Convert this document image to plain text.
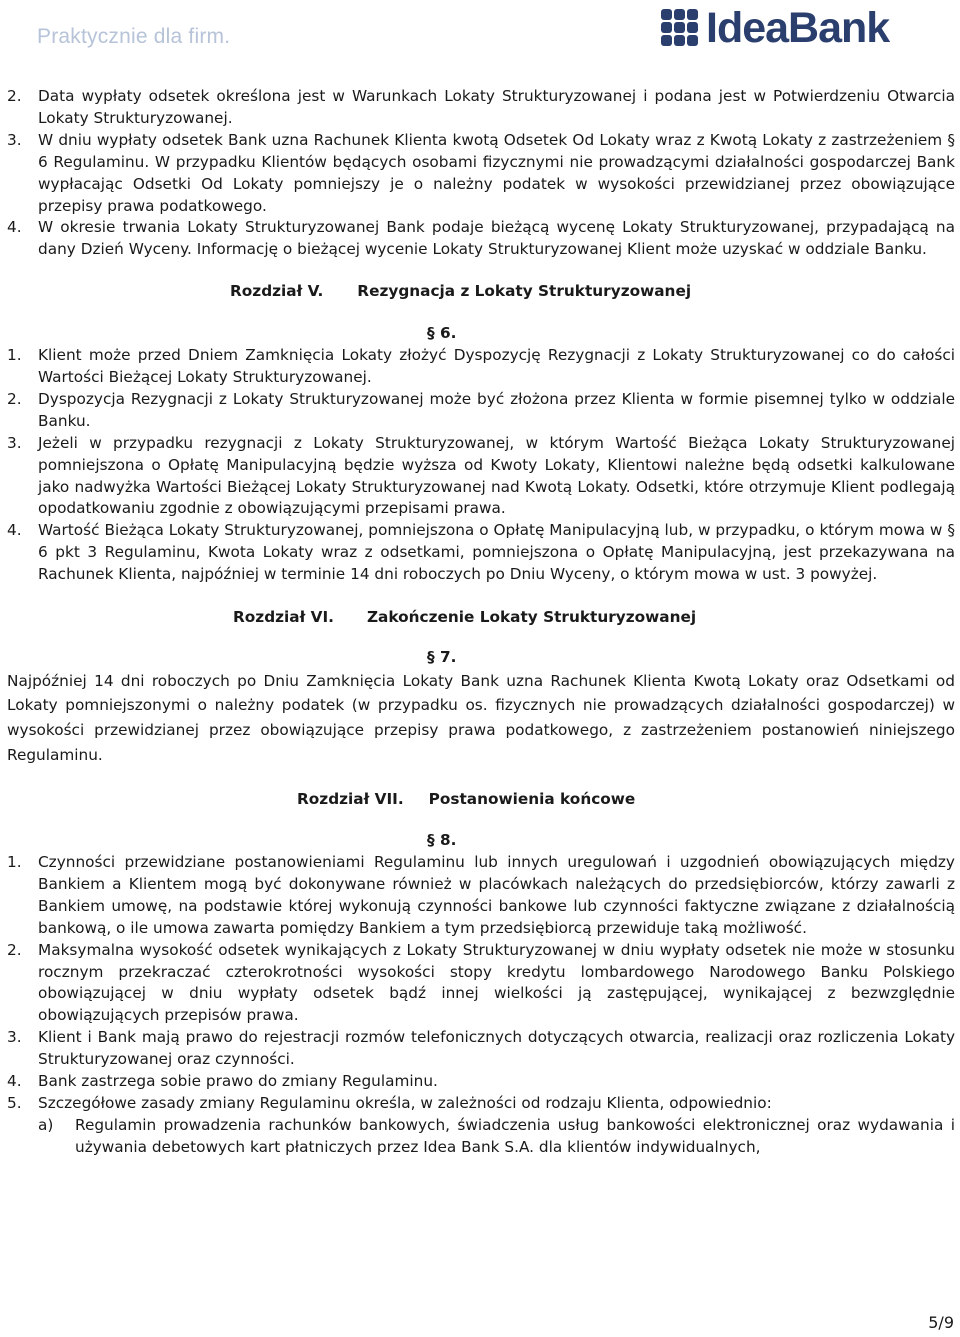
Praktycznie dla firm.	IdeaBank
2.	Data wypłaty odsetek określona jest w Warunkach Lokaty Strukturyzowanej i podana jest w Potwierdzeniu Otwarcia Lokaty Strukturyzowanej.
3.	W dniu wypłaty odsetek Bank uzna Rachunek Klienta kwotą Odsetek Od Lokaty wraz z Kwotą Lokaty z zastrzeżeniem § 6 Regulaminu. W przypadku Klientów będących osobami fizycznymi nie prowadzącymi działalności gospodarczej Bank wypłacając Odsetki Od Lokaty pomniejszy je o należny podatek w wysokości przewidzianej przez obowiązujące przepisy prawa podatkowego.
4.	W okresie trwania Lokaty Strukturyzowanej Bank podaje bieżącą wycenę Lokaty Strukturyzowanej, przypadającą na dany Dzień Wyceny. Informację o bieżącej wycenie Lokaty Strukturyzowanej Klient może uzyskać w oddziale Banku.
Rozdział V. Rezygnacja z Lokaty Strukturyzowanej
§ 6.
1.	Klient może przed Dniem Zamknięcia Lokaty złożyć Dyspozycję Rezygnacji z Lokaty Strukturyzowanej co do całości Wartości Bieżącej Lokaty Strukturyzowanej.
2.	Dyspozycja Rezygnacji z Lokaty Strukturyzowanej może być złożona przez Klienta w formie pisemnej tylko w oddziale Banku.
3.	Jeżeli w przypadku rezygnacji z Lokaty Strukturyzowanej, w którym Wartość Bieżąca Lokaty Strukturyzowanej pomniejszona o Opłatę Manipulacyjną będzie wyższa od Kwoty Lokaty, Klientowi należne będą odsetki kalkulowane jako nadwyżka Wartości Bieżącej Lokaty Strukturyzowanej nad Kwotą Lokaty. Odsetki, które otrzymuje Klient podlegają opodatkowaniu zgodnie z obowiązującymi przepisami prawa.
4.	Wartość Bieżąca Lokaty Strukturyzowanej, pomniejszona o Opłatę Manipulacyjną lub, w przypadku, o którym mowa w § 6 pkt 3 Regulaminu, Kwota Lokaty wraz z odsetkami, pomniejszona o Opłatę Manipulacyjną, jest przekazywana na Rachunek Klienta, najpóźniej w terminie 14 dni roboczych po Dniu Wyceny, o którym mowa w ust. 3 powyżej.
Rozdział VI. Zakończenie Lokaty Strukturyzowanej
§ 7.

Najpóźniej 14 dni roboczych po Dniu Zamknięcia Lokaty Bank uzna Rachunek Klienta Kwotą Lokaty oraz Odsetkami od Lokaty pomniejszonymi o należny podatek (w przypadku os. fizycznych nie prowadzących działalności gospodarczej) w wysokości przewidzianej przez obowiązujące przepisy prawa podatkowego, z zastrzeżeniem postanowień niniejszego Regulaminu.

Rozdział VII. Postanowienia końcowe
§ 8.
1.	Czynności przewidziane postanowieniami Regulaminu lub innych uregulowań i uzgodnień obowiązujących między Bankiem a Klientem mogą być dokonywane również w placówkach należących do przedsiębiorców, którzy zawarli z Bankiem umowę, na podstawie której wykonują czynności bankowe lub czynności faktyczne związane z działalnością bankową, o ile umowa zawarta pomiędzy Bankiem a tym przedsiębiorcą przewiduje taką możliwość.
2.	Maksymalna wysokość odsetek wynikających z Lokaty Strukturyzowanej w dniu wypłaty odsetek nie może w stosunku rocznym przekraczać czterokrotności wysokości stopy kredytu lombardowego Narodowego Banku Polskiego obowiązującej w dniu wypłaty odsetek bądź innej wielkości ją zastępującej, wynikającej z bezwzględnie obowiązujących przepisów prawa.
3.	Klient i Bank mają prawo do rejestracji rozmów telefonicznych dotyczących otwarcia, realizacji oraz rozliczenia Lokaty Strukturyzowanej oraz czynności.
4.	Bank zastrzega sobie prawo do zmiany Regulaminu.
5.	Szczegółowe zasady zmiany Regulaminu określa, w zależności od rodzaju Klienta, odpowiednio:
a)	Regulamin prowadzenia rachunków bankowych, świadczenia usług bankowości elektronicznej oraz wydawania i używania debetowych kart płatniczych przez Idea Bank S.A. dla klientów indywidualnych,
5/9
